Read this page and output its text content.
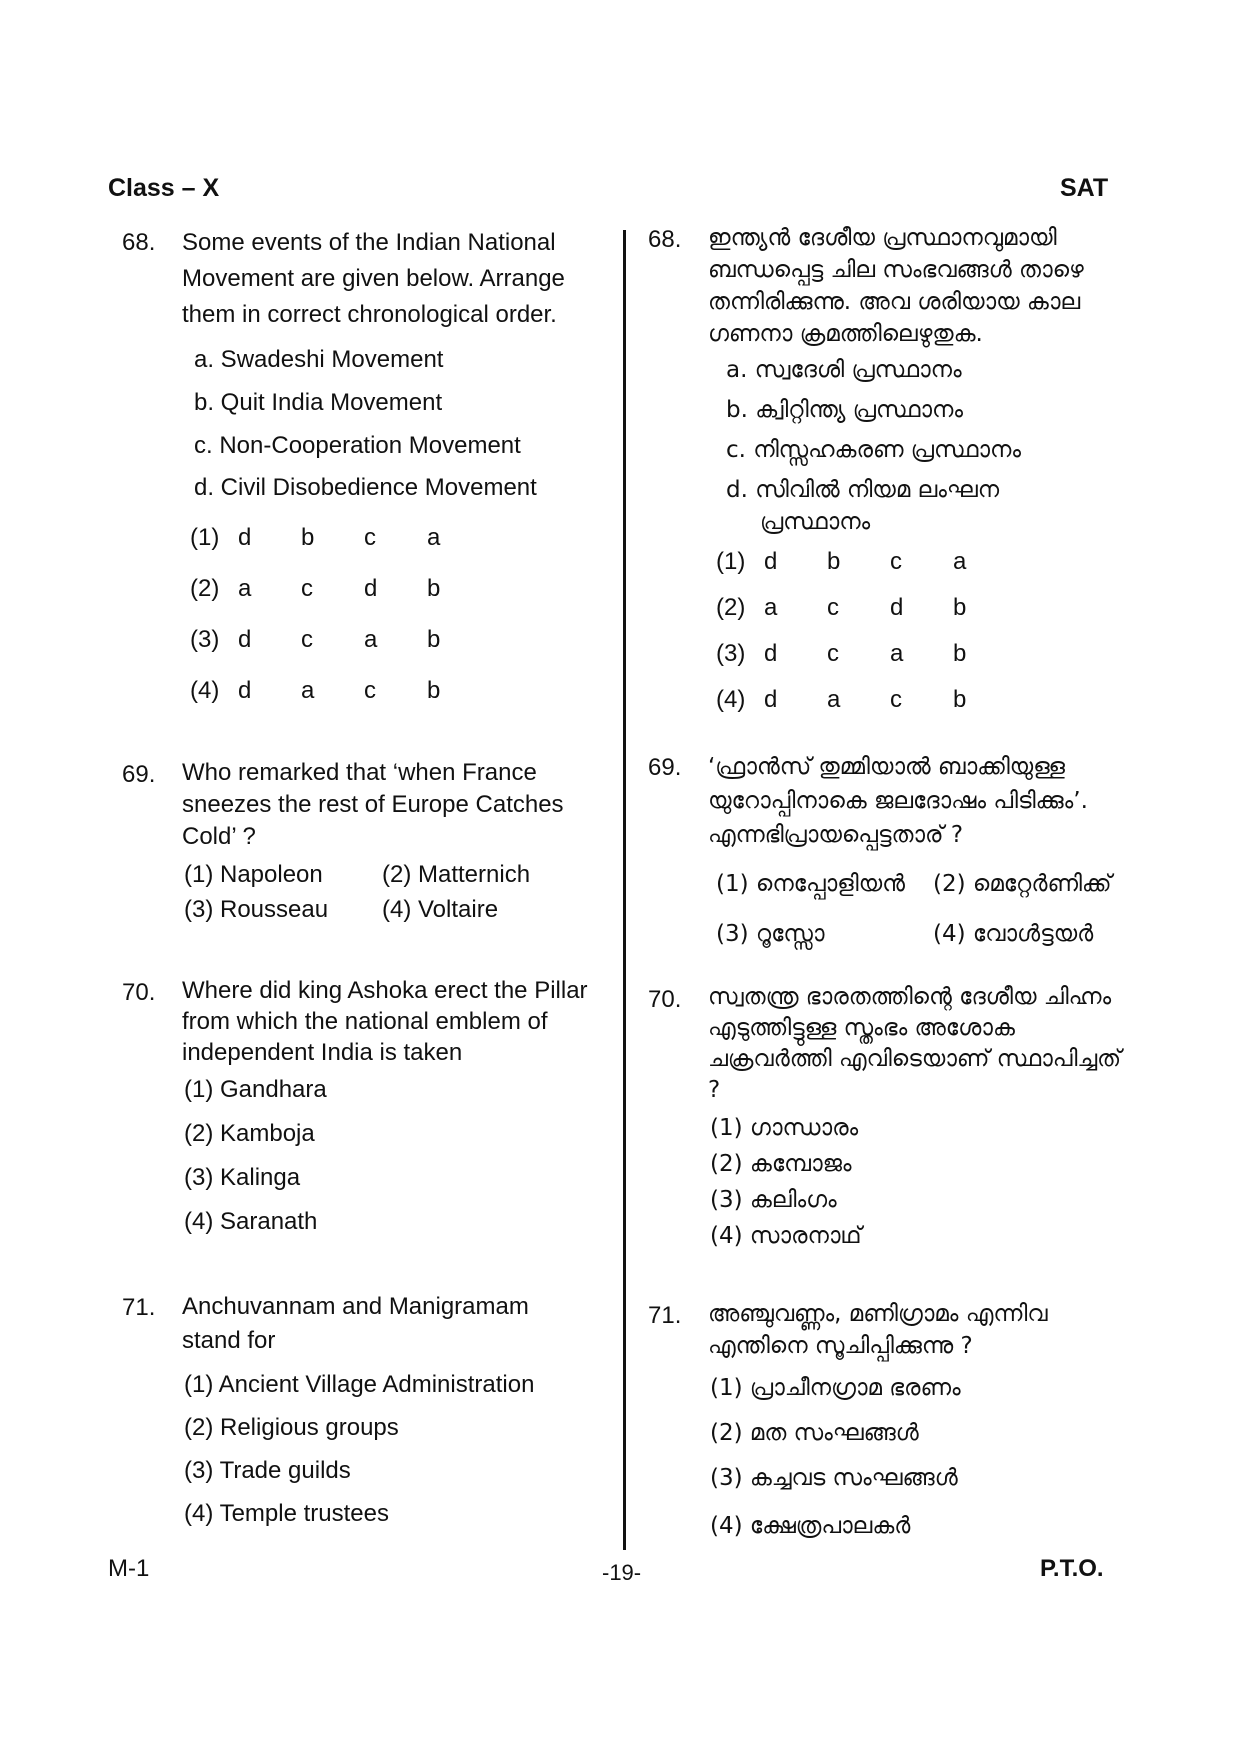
Class – X	SAT
68. Some events of the Indian National Movement are given below. Arrange them in correct chronological order.
a. Swadeshi Movement
b. Quit India Movement
c. Non-Cooperation Movement
d. Civil Disobedience Movement
(1) d b c a
(2) a c d b
(3) d c a b
(4) d a c b
69. Who remarked that ‘when France sneezes the rest of Europe Catches Cold’ ?
(1) Napoleon (2) Matternich
(3) Rousseau (4) Voltaire
70. Where did king Ashoka erect the Pillar from which the national emblem of independent India is taken
(1) Gandhara
(2) Kamboja
(3) Kalinga
(4) Saranath
71. Anchuvannam and Manigramam stand for
(1) Ancient Village Administration
(2) Religious groups
(3) Trade guilds
(4) Temple trustees
68. ഇന്ത്യൻ ദേശീയ പ്രസ്ഥാനവുമായി ബന്ധപ്പെട്ട ചില സംഭവങ്ങൾ താഴെ തന്നിരിക്കുന്നു. അവ ശരിയായ കാല ഗണനാ ക്രമത്തിലെഴുതുക.
a. സ്വദേശി പ്രസ്ഥാനം
b. ക്വിറ്റിന്ത്യ പ്രസ്ഥാനം
c. നിസ്സഹകരണ പ്രസ്ഥാനം
d. സിവിൽ നിയമ ലംഘന
പ്രസ്ഥാനം
(1) d b c a
(2) a c d b
(3) d c a b
(4) d a c b
69. ‘ഫ്രാൻസ് തുമ്മിയാൽ ബാക്കിയുള്ള യുറോപ്പിനാകെ ജലദോഷം പിടിക്കും’. എന്നഭിപ്രായപ്പെട്ടതാര് ?
(1) നെപ്പോളിയൻ (2) മെറ്റേർണിക്ക്
(3) റൂസ്സോ	(4) വോൾട്ടയർ
70. സ്വതന്ത്ര ഭാരതത്തിന്റെ ദേശീയ ചിഹ്നം എടുത്തിട്ടുള്ള സ്തംഭം അശോക ചക്രവർത്തി എവിടെയാണ് സ്ഥാപിച്ചത് ?
(1) ഗാന്ധാരം
(2) കമ്പോജം
(3) കലിംഗം
(4) സാരനാഥ്
71. അഞ്ചുവണ്ണം, മണിഗ്രാമം എന്നിവ എന്തിനെ സൂചിപ്പിക്കുന്നു ?
(1) പ്രാചീനഗ്രാമ ഭരണം
(2) മത സംഘങ്ങൾ
(3) കച്ചവട സംഘങ്ങൾ
(4) ക്ഷേത്രപാലകർ
M-1	-19-	P.T.O.
